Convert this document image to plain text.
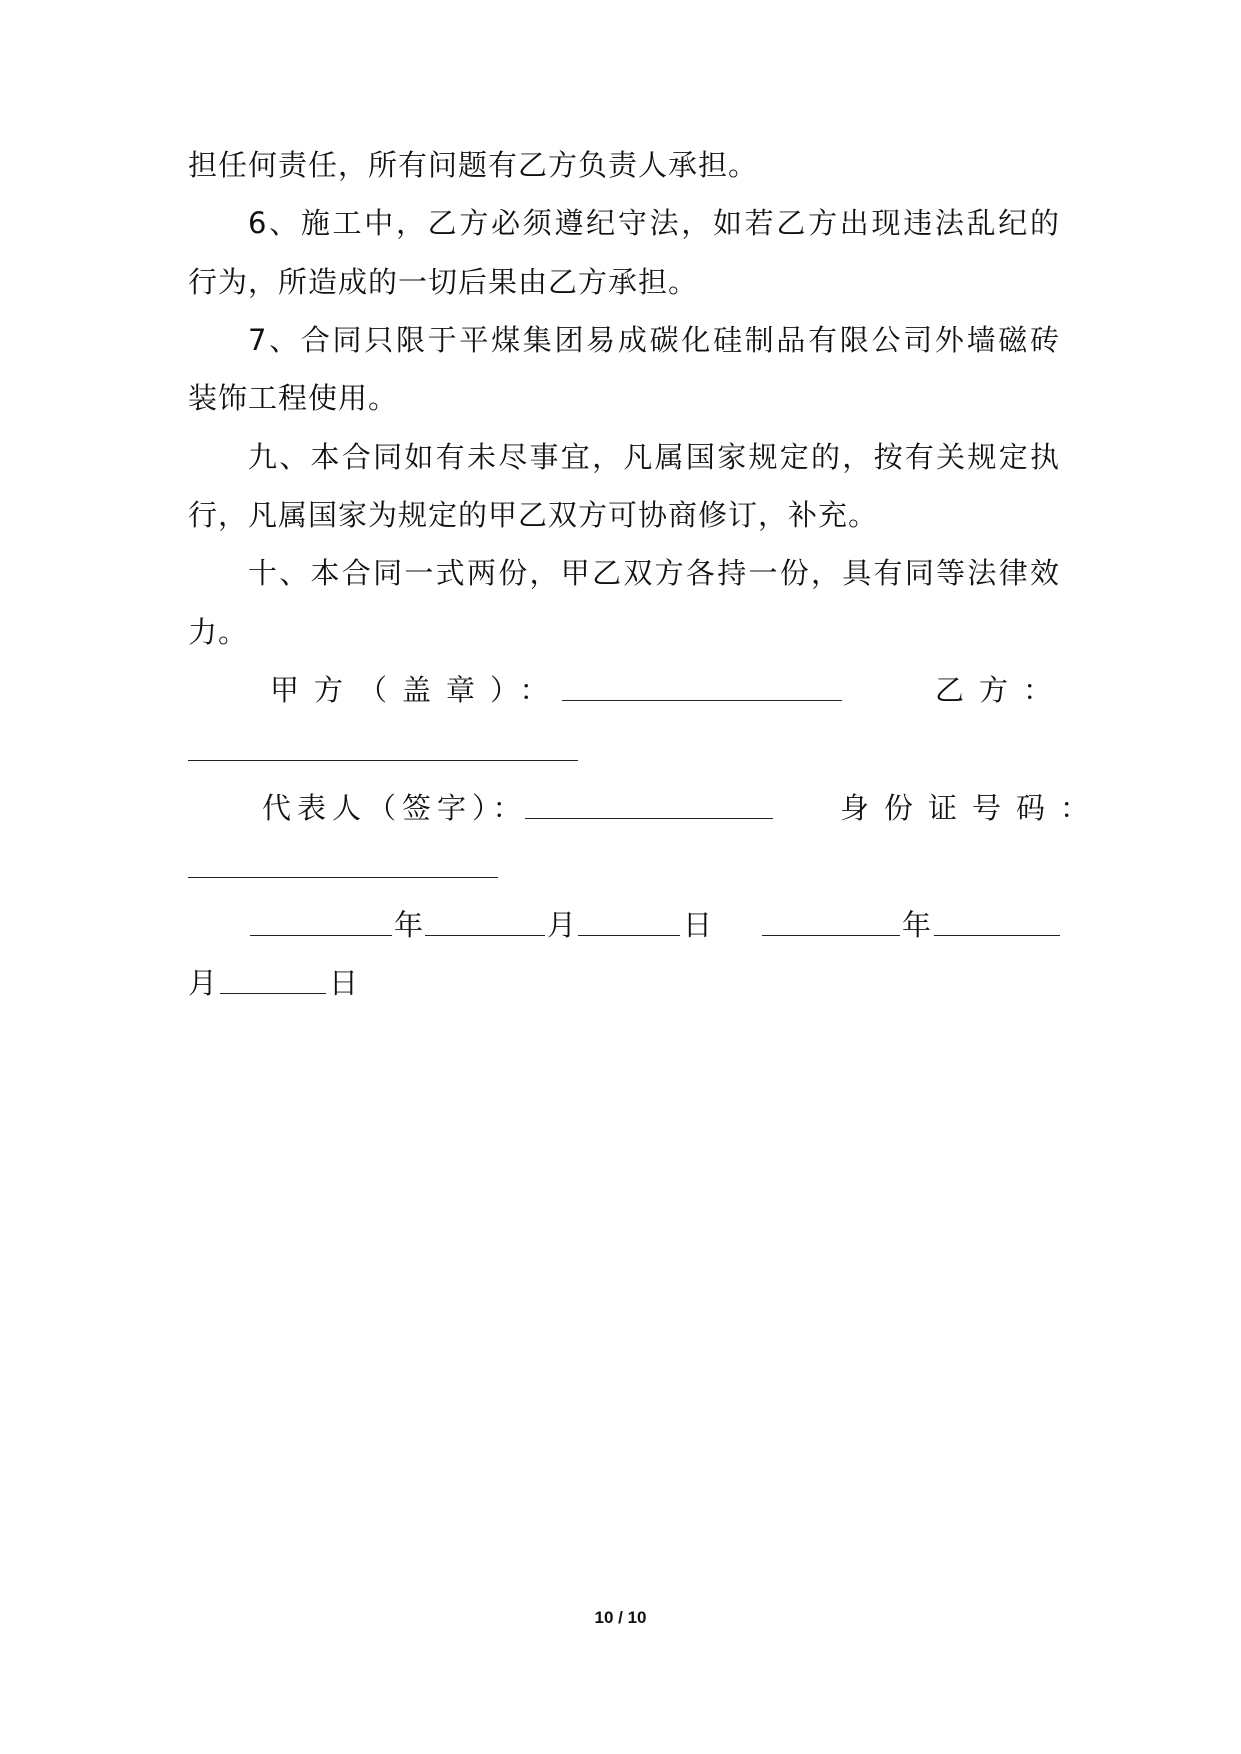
担任何责任，所有问题有乙方负责人承担。
6、施工中，乙方必须遵纪守法，如若乙方出现违法乱纪的
行为，所造成的一切后果由乙方承担。
7、合同只限于平煤集团易成碳化硅制品有限公司外墙磁砖
装饰工程使用。
九、本合同如有未尽事宜，凡属国家规定的，按有关规定执
行，凡属国家为规定的甲乙双方可协商修订，补充。
十、本合同一式两份，甲乙双方各持一份，具有同等法律效
力。
甲方（盖章）：	乙方：
代表人（签字）：	身份证号码：
年	月	日	年
月	日
10 / 10
